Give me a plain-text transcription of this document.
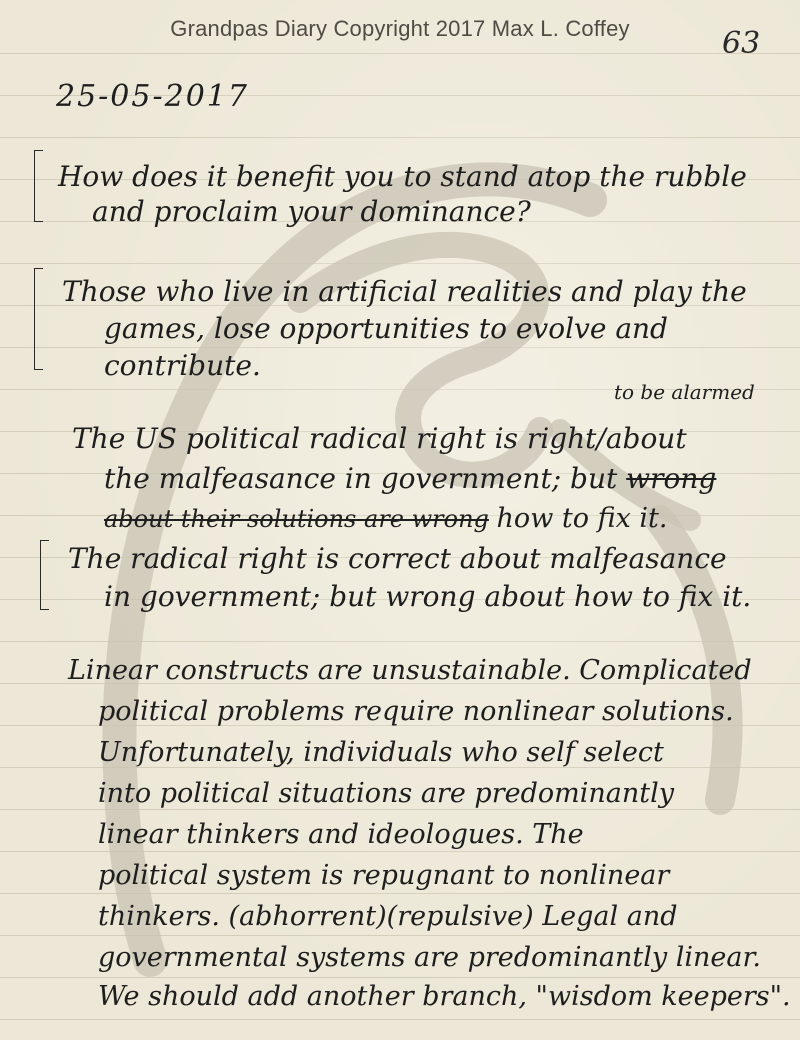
Grandpas Diary Copyright 2017 Max L. Coffey	63
25-05-2017
How does it benefit you to stand atop the rubble
and proclaim your dominance?
Those who live in artificial realities and play the
games, lose opportunities to evolve and
contribute.
to be alarmed
The US political radical right is right/about
the malfeasance in government; but wrong
about their solutions are wrong how to fix it.
The radical right is correct about malfeasance
in government; but wrong about how to fix it.
Linear constructs are unsustainable. Complicated
political problems require nonlinear solutions.
Unfortunately, individuals who self select
into political situations are predominantly
linear thinkers and ideologues. The
political system is repugnant to nonlinear
thinkers. (abhorrent)(repulsive) Legal and
governmental systems are predominantly linear.
We should add another branch, "wisdom keepers".
